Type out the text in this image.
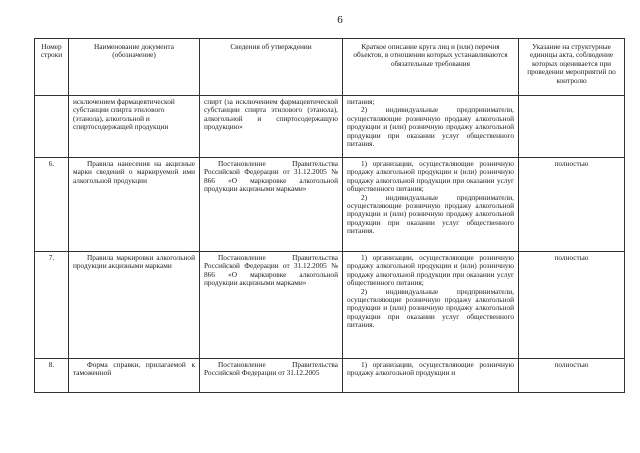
6
Номер строки	Наименование документа (обозначение)	Сведения об утверждении	Краткое описание круга лиц и (или) перечня объектов, в отношении которых устанавливаются обязательные требования	Указание на структурные единицы акта, соблюдение которых оценивается при проведении мероприятий по контролю
	исключением фармацевтической субстанции спирта этилового (этанола), алкогольной и спиртосодержащей продукции	спирт (за исключением фармацевтической субстанции спирта этилового (этанола), алкогольной и спиртосодержащую продукцию»	питания;
2) индивидуальные предприниматели, осуществляющие розничную продажу алкогольной продукции и (или) розничную продажу алкогольной продукции при оказании услуг общественного питания.	

6.	Правила нанесения на акцизные марки сведений о маркируемой ими алкогольной продукции	Постановление Правительства Российской Федерации от 31.12.2005 № 866 «О маркировке алкогольной продукции акцизными марками»	1) организации, осуществляющие розничную продажу алкогольной продукции и (или) розничную продажу алкогольной продукции при оказании услуг общественного питания;
2) индивидуальные предприниматели, осуществляющие розничную продажу алкогольной продукции и (или) розничную продажу алкогольной продукции при оказании услуг общественного питания.	полностью
7.	Правила маркировки алкогольной продукции акцизными марками	Постановление Правительства Российской Федерации от 31.12.2005 № 866 «О маркировке алкогольной продукции акцизными марками»	1) организации, осуществляющие розничную продажу алкогольной продукции и (или) розничную продажу алкогольной продукции при оказании услуг общественного питания;
2) индивидуальные предприниматели, осуществляющие розничную продажу алкогольной продукции и (или) розничную продажу алкогольной продукции при оказании услуг общественного питания.	полностью
8.	Форма справки, прилагаемой к таможенной	Постановление Правительства Российской Федерации от 31.12.2005	1) организации, осуществляющие розничную продажу алкогольной продукции и	полностью
